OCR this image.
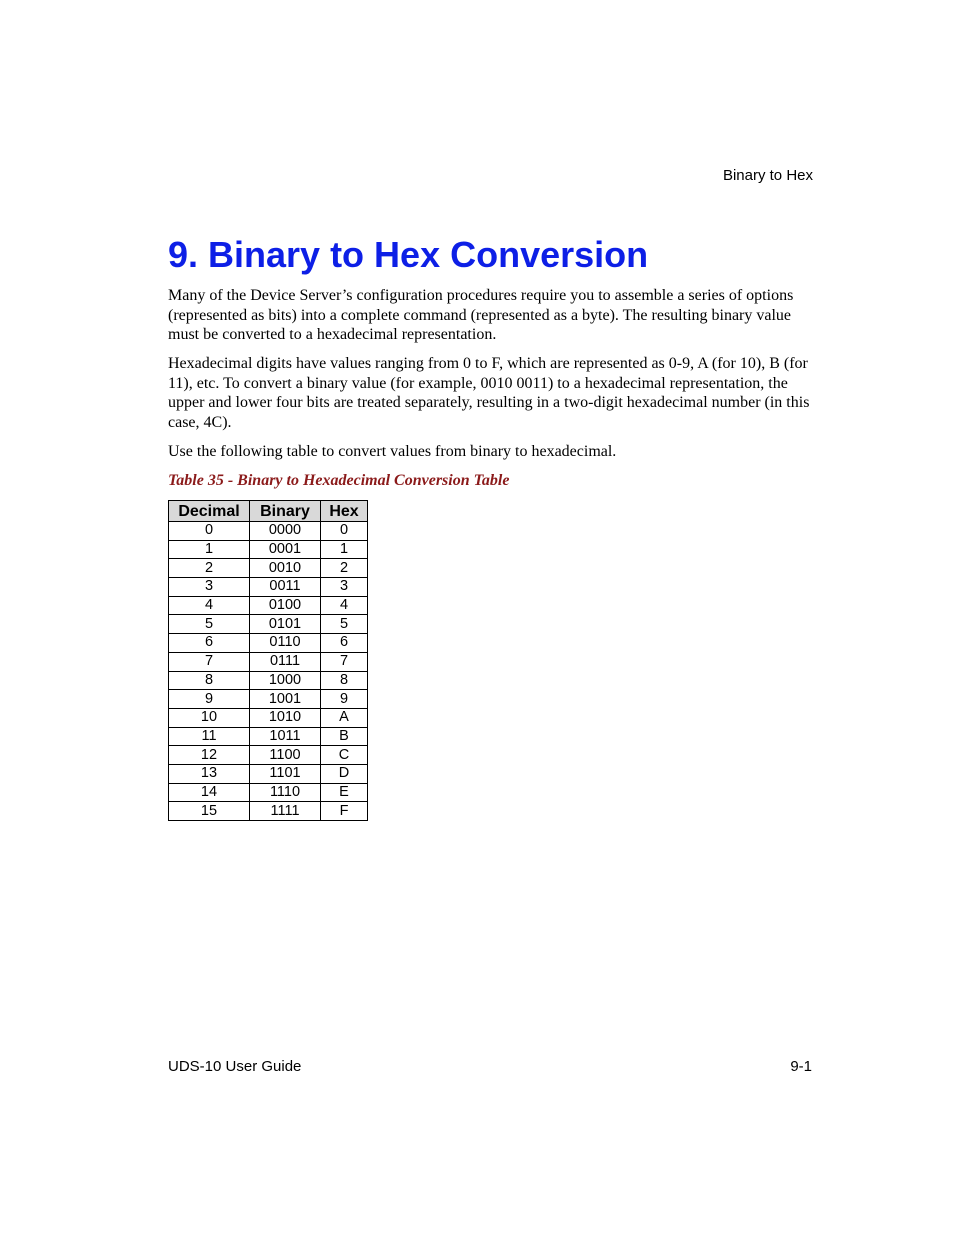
Binary to Hex
9. Binary to Hex Conversion

Many of the Device Server’s configuration procedures require you to assemble a series of options (represented as bits) into a complete command (represented as a byte). The resulting binary value must be converted to a hexadecimal representation.

Hexadecimal digits have values ranging from 0 to F, which are represented as 0-9, A (for 10), B (for 11), etc. To convert a binary value (for example, 0010 0011) to a hexadecimal representation, the upper and lower four bits are treated separately, resulting in a two-digit hexadecimal number (in this case, 4C).

Use the following table to convert values from binary to hexadecimal.

Table 35 - Binary to Hexadecimal Conversion Table

Decimal	Binary	Hex
0	0000	0
1	0001	1
2	0010	2
3	0011	3
4	0100	4
5	0101	5
6	0110	6
7	0111	7
8	1000	8
9	1001	9
10	1010	A
11	1011	B
12	1100	C
13	1101	D
14	1110	E
15	1111	F
UDS-10 User Guide	9-1
